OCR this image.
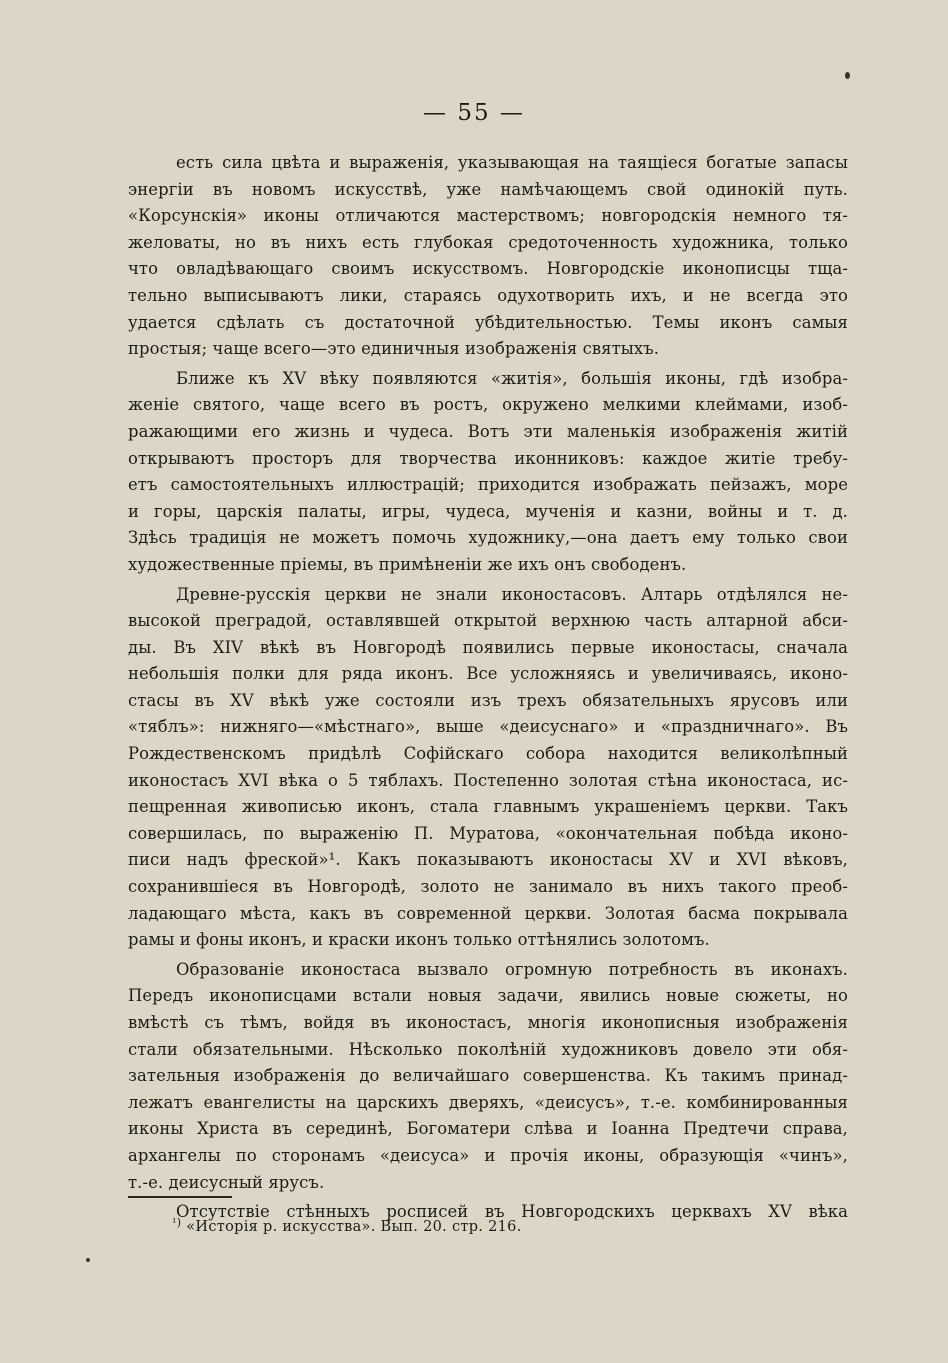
— 55 —
есть сила цвѣта и выраженія, указывающая на таящіеся богатые запасы
энергіи въ новомъ искусствѣ, уже намѣчающемъ свой одинокій путь.
«Корсунскія» иконы отличаются мастерствомъ; новгородскія немного тя-
желоваты, но въ нихъ есть глубокая средоточенность художника, только
что овладѣвающаго своимъ искусствомъ. Новгородскіе иконописцы тща-
тельно выписываютъ лики, стараясь одухотворить ихъ, и не всегда это
удается сдѣлать съ достаточной убѣдительностью. Темы иконъ самыя
простыя; чаще всего—это единичныя изображенія святыхъ.
Ближе къ XV вѣку появляются «житія», большія иконы, гдѣ изобра-
женіе святого, чаще всего въ ростъ, окружено мелкими клеймами, изоб-
ражающими его жизнь и чудеса. Вотъ эти маленькія изображенія житій
открываютъ просторъ для творчества иконниковъ: каждое житіе требу-
етъ самостоятельныхъ иллюстрацій; приходится изображать пейзажъ, море
и горы, царскія палаты, игры, чудеса, мученія и казни, войны и т. д.
Здѣсь традиція не можетъ помочь художнику,—она даетъ ему только свои
художественные пріемы, въ примѣненіи же ихъ онъ свободенъ.
Древне-русскія церкви не знали иконостасовъ. Алтарь отдѣлялся не-
высокой преградой, оставлявшей открытой верхнюю часть алтарной абси-
ды. Въ XIV вѣкѣ въ Новгородѣ появились первые иконостасы, сначала
небольшія полки для ряда иконъ. Все усложняясь и увеличиваясь, иконо-
стасы въ XV вѣкѣ уже состояли изъ трехъ обязательныхъ ярусовъ или
«тяблъ»: нижняго—«мѣстнаго», выше «деисуснаго» и «праздничнаго». Въ
Рождественскомъ придѣлѣ Софійскаго собора находится великолѣпный
иконостасъ XVI вѣка о 5 тяблахъ. Постепенно золотая стѣна иконостаса, ис-
пещренная живописью иконъ, стала главнымъ украшеніемъ церкви. Такъ
совершилась, по выраженію П. Муратова, «окончательная побѣда иконо-
писи надъ фреской»¹. Какъ показываютъ иконостасы XV и XVI вѣковъ,
сохранившіеся въ Новгородѣ, золото не занимало въ нихъ такого преоб-
ладающаго мѣста, какъ въ современной церкви. Золотая басма покрывала
рамы и фоны иконъ, и краски иконъ только оттѣнялись золотомъ.
Образованіе иконостаса вызвало огромную потребность въ иконахъ.
Передъ иконописцами встали новыя задачи, явились новые сюжеты, но
вмѣстѣ съ тѣмъ, войдя въ иконостасъ, многія иконописныя изображенія
стали обязательными. Нѣсколько поколѣній художниковъ довело эти обя-
зательныя изображенія до величайшаго совершенства. Къ такимъ принад-
лежатъ евангелисты на царскихъ дверяхъ, «деисусъ», т.-е. комбинированныя
иконы Христа въ серединѣ, Богоматери слѣва и Іоанна Предтечи справа,
архангелы по сторонамъ «деисуса» и прочія иконы, образующія «чинъ»,
т.-е. деисусный ярусъ.
Отсутствіе стѣнныхъ росписей въ Новгородскихъ церквахъ XV вѣка
$^{^1)}$ «Исторія р. искусства». Вып. 20. стр. 216.
